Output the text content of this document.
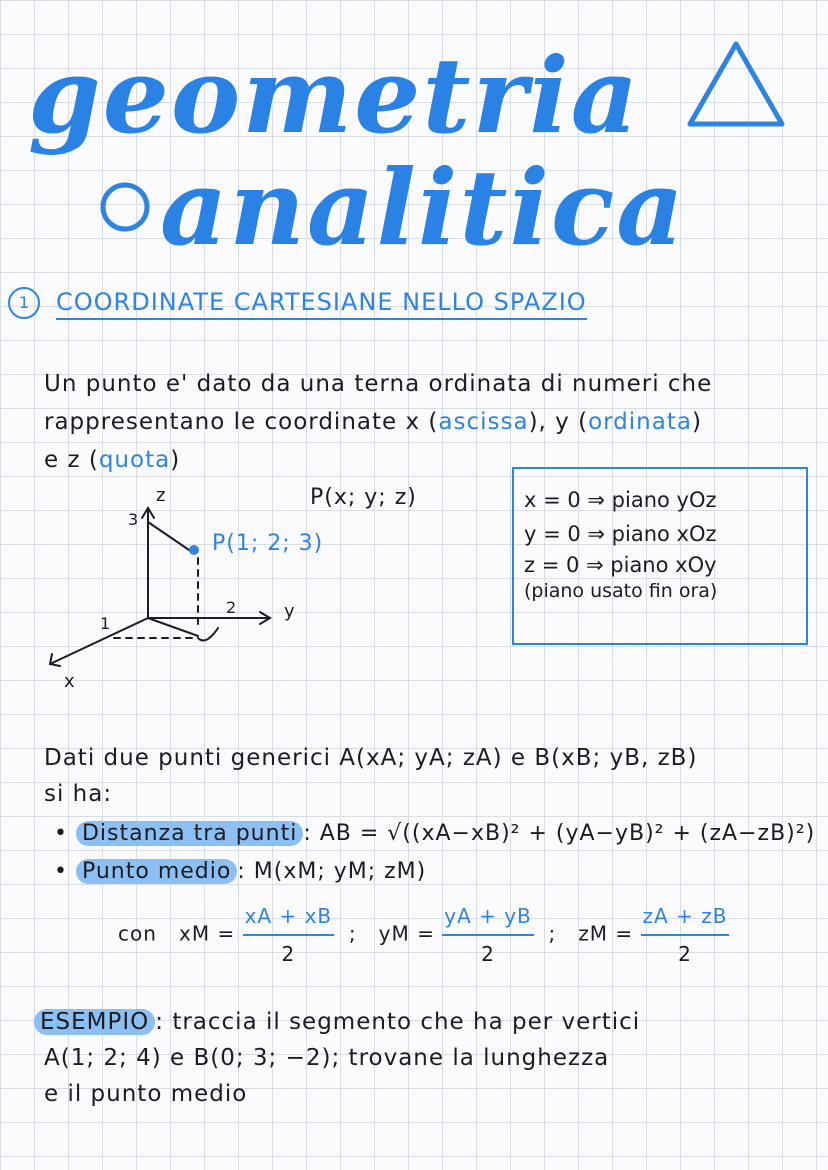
geometria
analitica
1	COORDINATE CARTESIANE NELLO SPAZIO
Un punto e' dato da una terna ordinata di numeri che
rappresentano le coordinate x (ascissa), y (ordinata)
e z (quota)
z
3
2	y
1
x
P(1; 2; 3)
P(x; y; z)	x = 0 ⇒ piano yOz
y = 0 ⇒ piano xOz
z = 0 ⇒ piano xOy
(piano usato fin ora)
Dati due punti generici A(xA; yA; zA) e B(xB; yB, zB)
si ha:
• Distanza tra punti : AB = √((xA−xB)² + (yA−yB)² + (zA−zB)²)
• Punto medio : M(xM; yM; zM)
con xM = $\frac{xA + xB}{2}$ ;   yM = $\frac{yA + yB}{2}$ ;   zM = $\frac{zA + zB}{2}$
ESEMPIO : traccia il segmento che ha per vertici
A(1; 2; 4) e B(0; 3; −2); trovane la lunghezza
e il punto medio
